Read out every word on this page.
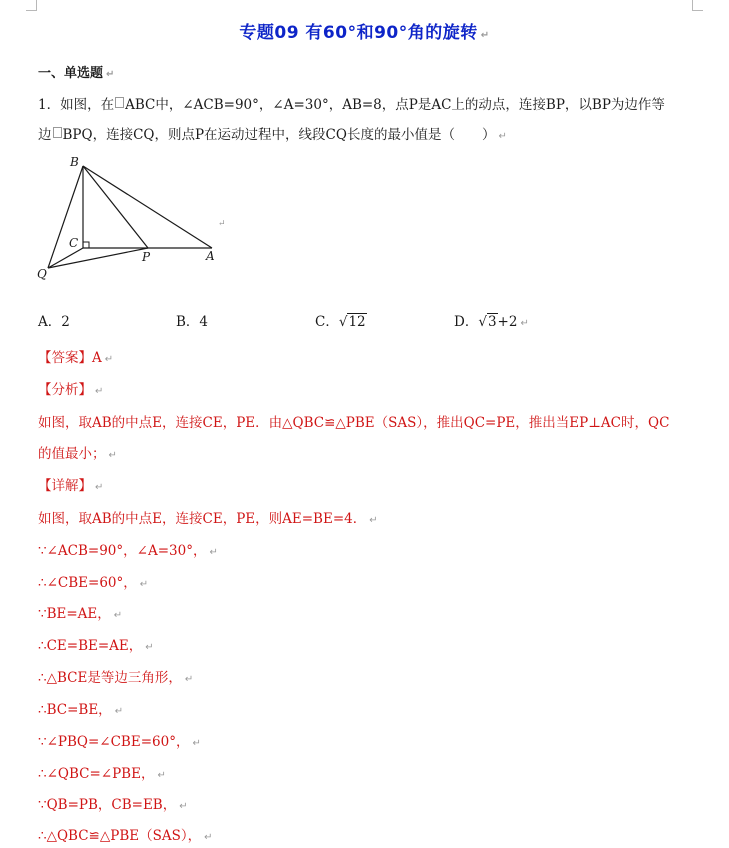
专题09 有60°和90°角的旋转 ↵
一、单选题 ↵
1．如图，在 ABC中，∠ACB=90°，∠A=30°，AB=8，点P是AC上的动点，连接BP，以BP为边作等
边 BPQ，连接CQ，则点P在运动过程中，线段CQ长度的最小值是（　　） ↵
B
C
P	A
Q
↵
A．2	B．4	C．√12	D．√3+2 ↵
【答案】A ↵
【分析】 ↵
如图，取AB的中点E，连接CE，PE．由△QBC≌△PBE（SAS），推出QC=PE，推出当EP⊥AC时，QC
的值最小； ↵
【详解】 ↵
如图，取AB的中点E，连接CE，PE，则AE=BE=4． ↵
∵∠ACB=90°，∠A=30°， ↵
∴∠CBE=60°， ↵
∵BE=AE， ↵
∴CE=BE=AE， ↵
∴△BCE是等边三角形， ↵
∴BC=BE， ↵
∵∠PBQ=∠CBE=60°， ↵
∴∠QBC=∠PBE， ↵
∵QB=PB，CB=EB， ↵
∴△QBC≌△PBE（SAS）， ↵
